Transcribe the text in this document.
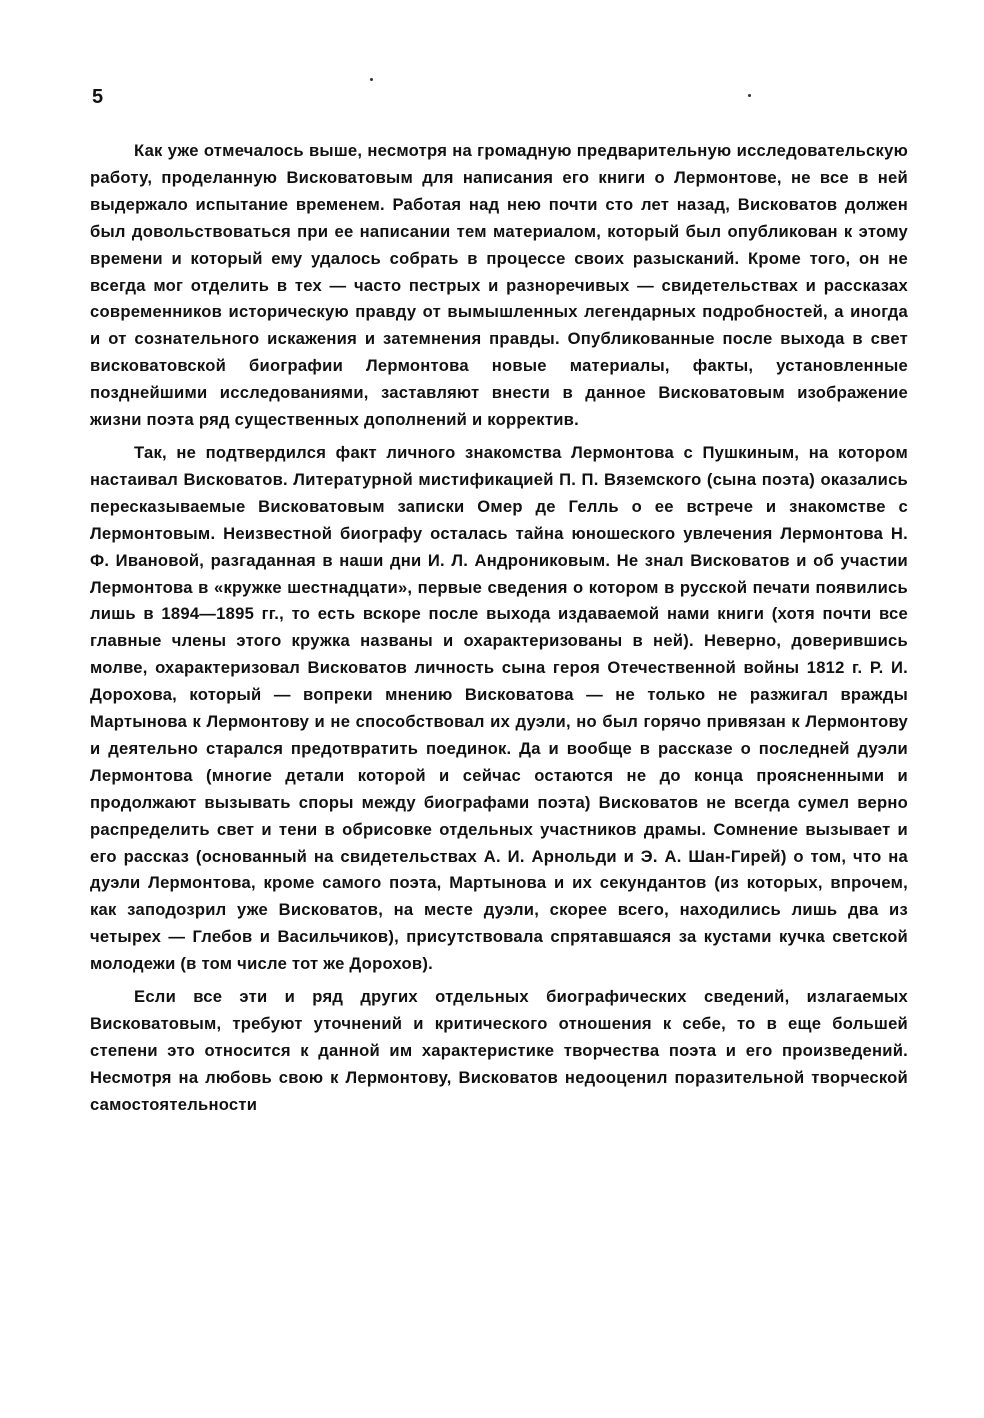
5

Как уже отмечалось выше, несмотря на громадную предварительную исследовательскую работу, проделанную Висковатовым для написания его книги о Лермонтове, не все в ней выдержало испытание временем. Работая над нею почти сто лет назад, Висковатов должен был довольствоваться при ее написании тем материалом, который был опубликован к этому времени и который ему удалось собрать в процессе своих разысканий. Кроме того, он не всегда мог отделить в тех — часто пестрых и разноречивых — свидетельствах и рассказах современников историческую правду от вымышленных легендарных подробностей, а иногда и от сознательного искажения и затемнения правды. Опубликованные после выхода в свет висковатовской биографии Лермонтова новые материалы, факты, установленные позднейшими исследованиями, заставляют внести в данное Висковатовым изображение жизни поэта ряд существенных дополнений и корректив.

Так, не подтвердился факт личного знакомства Лермонтова с Пушкиным, на котором настаивал Висковатов. Литературной мистификацией П. П. Вяземского (сына поэта) оказались пересказываемые Висковатовым записки Омер де Гелль о ее встрече и знакомстве с Лермонтовым. Неизвестной биографу осталась тайна юношеского увлечения Лермонтова Н. Ф. Ивановой, разгаданная в наши дни И. Л. Андрониковым. Не знал Висковатов и об участии Лермонтова в «кружке шестнадцати», первые сведения о котором в русской печати появились лишь в 1894—1895 гг., то есть вскоре после выхода издаваемой нами книги (хотя почти все главные члены этого кружка названы и охарактеризованы в ней). Неверно, доверившись молве, охарактеризовал Висковатов личность сына героя Отечественной войны 1812 г. Р. И. Дорохова, который — вопреки мнению Висковатова — не только не разжигал вражды Мартынова к Лермонтову и не способствовал их дуэли, но был горячо привязан к Лермонтову и деятельно старался предотвратить поединок. Да и вообще в рассказе о последней дуэли Лермонтова (многие детали которой и сейчас остаются не до конца проясненными и продолжают вызывать споры между биографами поэта) Висковатов не всегда сумел верно распределить свет и тени в обрисовке отдельных участников драмы. Сомнение вызывает и его рассказ (основанный на свидетельствах А. И. Арнольди и Э. А. Шан-Гирей) о том, что на дуэли Лермонтова, кроме самого поэта, Мартынова и их секундантов (из которых, впрочем, как заподозрил уже Висковатов, на месте дуэли, скорее всего, находились лишь два из четырех — Глебов и Васильчиков), присутствовала спрятавшаяся за кустами кучка светской молодежи (в том числе тот же Дорохов).

Если все эти и ряд других отдельных биографических сведений, излагаемых Висковатовым, требуют уточнений и критического отношения к себе, то в еще большей степени это относится к данной им характеристике творчества поэта и его произведений. Несмотря на любовь свою к Лермонтову, Висковатов недооценил поразительной творческой самостоятельности
